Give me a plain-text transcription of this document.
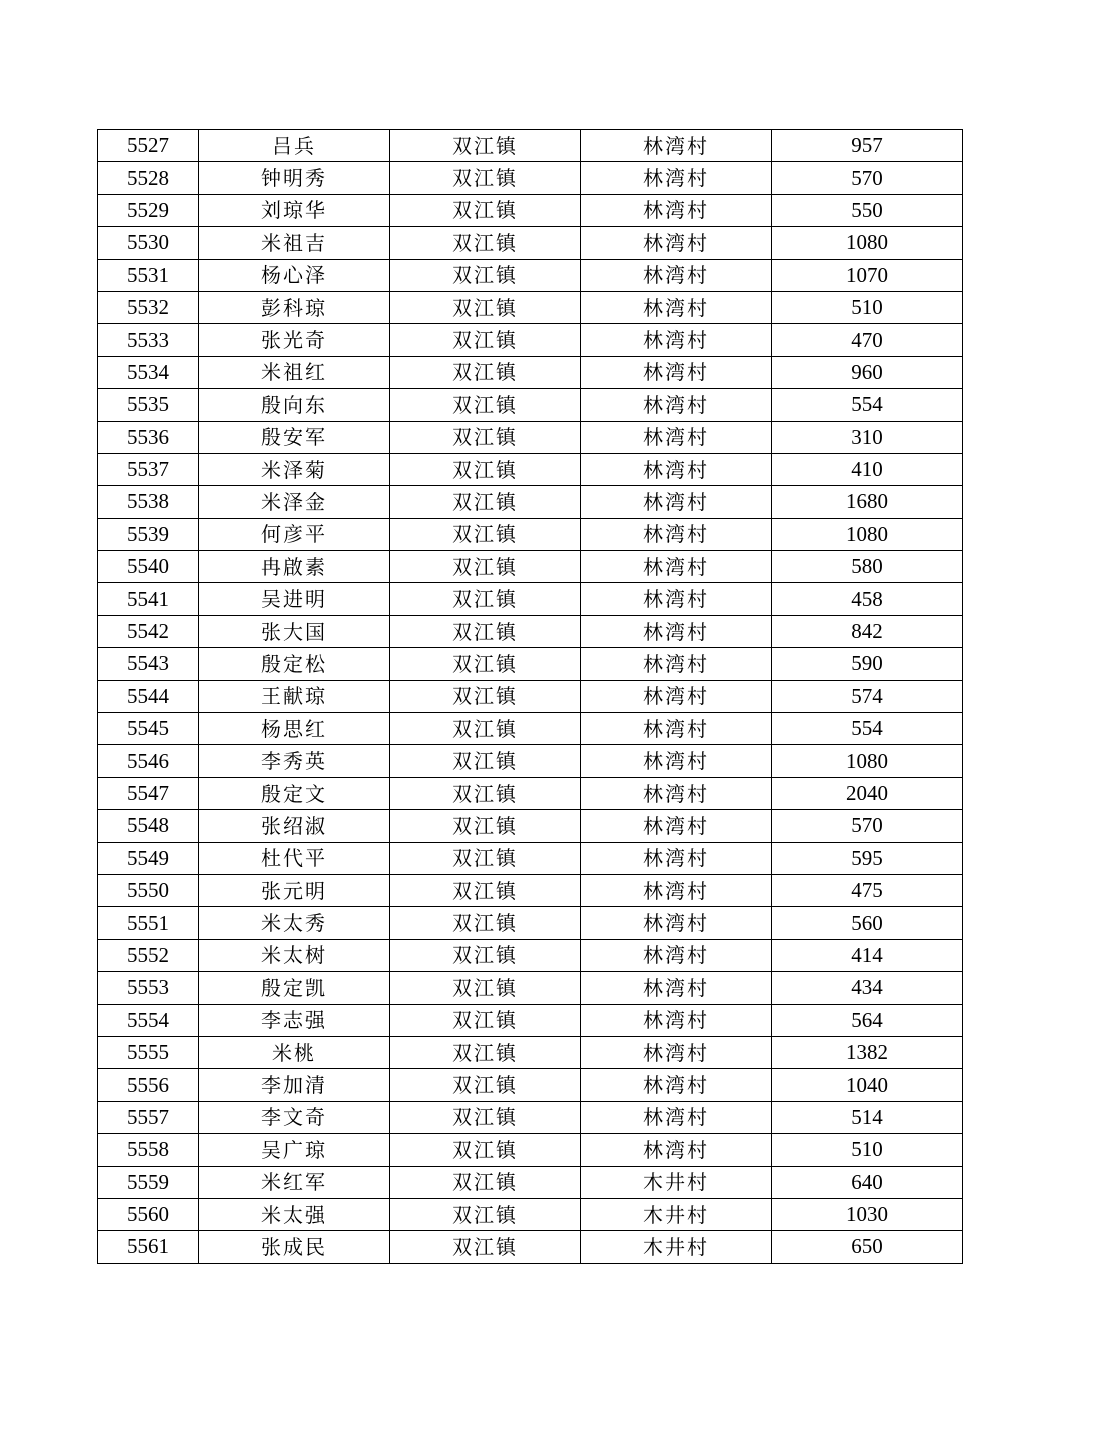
5527	吕兵	双江镇	林湾村	957
5528	钟明秀	双江镇	林湾村	570
5529	刘琼华	双江镇	林湾村	550
5530	米祖吉	双江镇	林湾村	1080
5531	杨心泽	双江镇	林湾村	1070
5532	彭科琼	双江镇	林湾村	510
5533	张光奇	双江镇	林湾村	470
5534	米祖红	双江镇	林湾村	960
5535	殷向东	双江镇	林湾村	554
5536	殷安军	双江镇	林湾村	310
5537	米泽菊	双江镇	林湾村	410
5538	米泽金	双江镇	林湾村	1680
5539	何彦平	双江镇	林湾村	1080
5540	冉啟素	双江镇	林湾村	580
5541	吴进明	双江镇	林湾村	458
5542	张大国	双江镇	林湾村	842
5543	殷定松	双江镇	林湾村	590
5544	王献琼	双江镇	林湾村	574
5545	杨思红	双江镇	林湾村	554
5546	李秀英	双江镇	林湾村	1080
5547	殷定文	双江镇	林湾村	2040
5548	张绍淑	双江镇	林湾村	570
5549	杜代平	双江镇	林湾村	595
5550	张元明	双江镇	林湾村	475
5551	米太秀	双江镇	林湾村	560
5552	米太树	双江镇	林湾村	414
5553	殷定凯	双江镇	林湾村	434
5554	李志强	双江镇	林湾村	564
5555	米桃	双江镇	林湾村	1382
5556	李加清	双江镇	林湾村	1040
5557	李文奇	双江镇	林湾村	514
5558	吴广琼	双江镇	林湾村	510
5559	米红军	双江镇	木井村	640
5560	米太强	双江镇	木井村	1030
5561	张成民	双江镇	木井村	650
